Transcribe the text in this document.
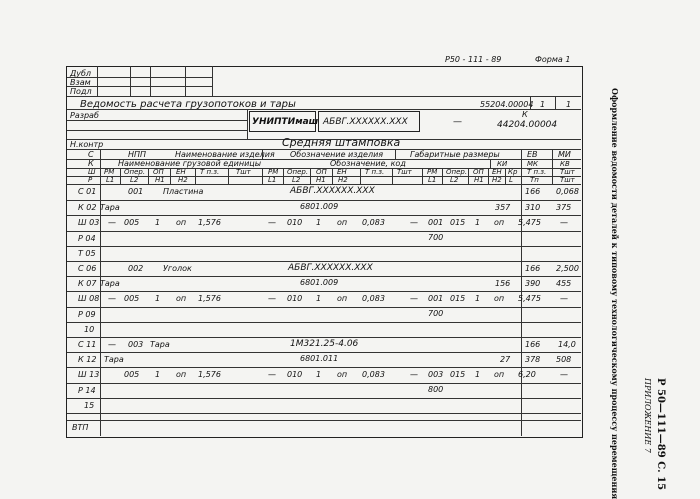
Р50 - 111 - 89	Форма 1
Дубл
Взам
Подл
Ведомость расчета грузопотоков и тары	55204.00004 1	1
Разраб
УНИПТИмаш АБВГ.ХХХХХХ.ХХХ	—
К
44204.00004
Н.контр	Средняя штамповка
С	НПП	Наименование изделия Обозначение изделия	Габаритные размеры	ЕВ	МИ
К	Наименование грузовой единицы	Обозначение, код	КИ	МК	КВ
Ш РМ Опер. ОП ЕН Т п.з. Тшт РМ Опер. ОП ЕН	Т п.з. Тшт РМ Опер. ОП ЕН Кр Т п.з. Тшт
Р L1 L2 H1 H2	L1 L2 H1 H2	L1 L2 H1 H2 L Тп	Тшт
С 01	001 Пластина	АБВГ.ХХХХХХ.ХХХ	166 0,068
К 02 Тара	6801.009	357 310 375
Ш 03 — 005 1 оп 1,576	— 010 1 оп 0,083	— 001 015 1 оп 5,475 —
Р 04	700
Т 05
С 06	002 Уголок	АБВГ.ХХХХХХ.ХХХ	166 2,500
К 07 Тара	6801.009	156 390 455
Ш 08 — 005 1 оп 1,576	— 010 1 оп 0,083	— 001 015 1 оп 5,475 —
Р 09	700
10
С 11 — 003 Тара	1М321.25-4.06	166 14,0
К 12 Тара	6801.011	27 378 508
Ш 13	005 1 оп 1,576	— 010 1 оп 0,083	— 003 015 1 оп 6,20	—
Р 14	800
15
ВТП	Оформление ведомости деталей к типовому технологическому процессу перемещения	Р 50—111—89 С. 15
ПРИЛОЖЕНИЕ 7
